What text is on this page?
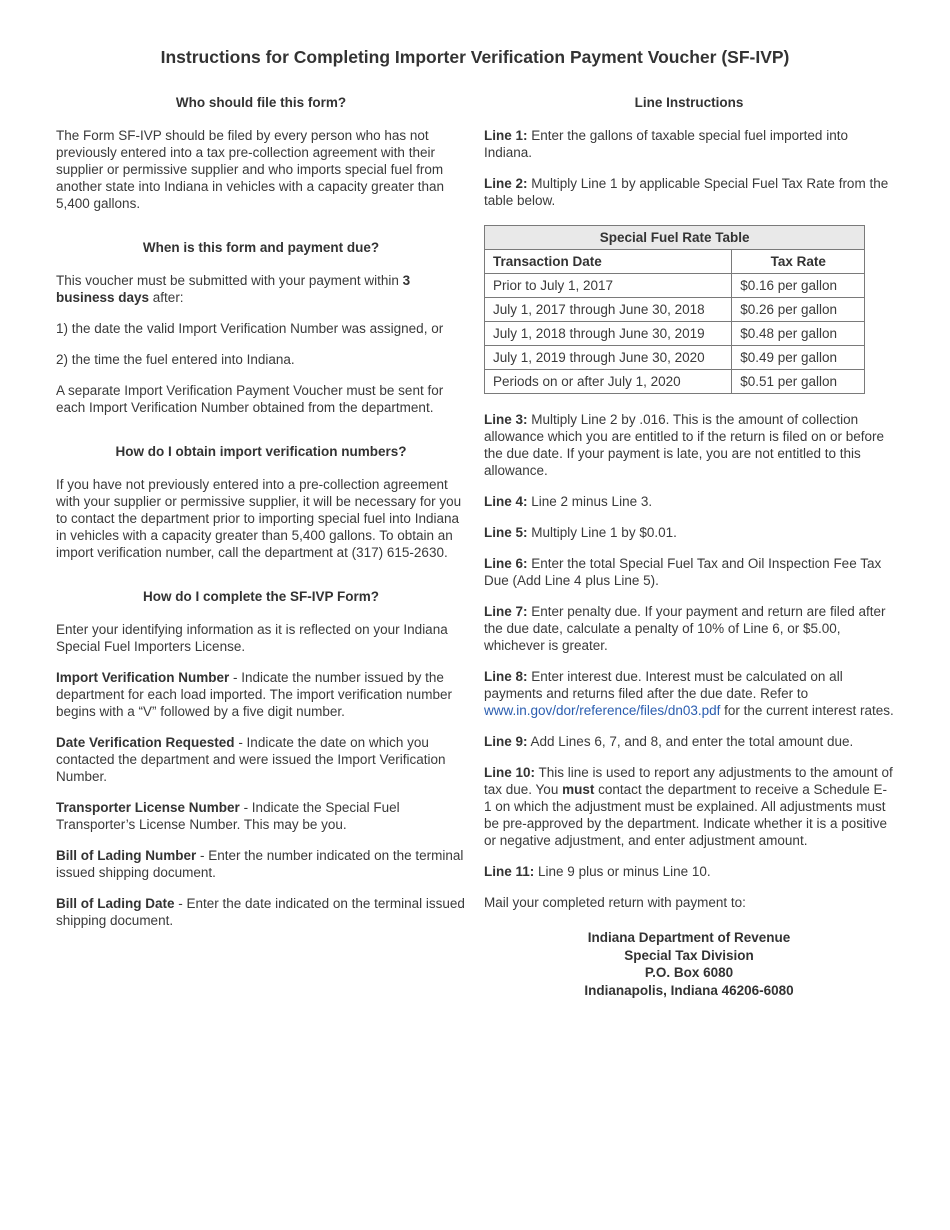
Instructions for Completing Importer Verification Payment Voucher (SF-IVP)
Who should file this form?

The Form SF-IVP should be filed by every person who has not previously entered into a tax pre-collection agreement with their supplier or permissive supplier and who imports special fuel from another state into Indiana in vehicles with a capacity greater than 5,400 gallons.

When is this form and payment due?

This voucher must be submitted with your payment within 3 business days after:

1) the date the valid Import Verification Number was assigned, or

2) the time the fuel entered into Indiana.

A separate Import Verification Payment Voucher must be sent for each Import Verification Number obtained from the department.

How do I obtain import verification numbers?

If you have not previously entered into a pre-collection agreement with your supplier or permissive supplier, it will be necessary for you to contact the department prior to importing special fuel into Indiana in vehicles with a capacity greater than 5,400 gallons. To obtain an import verification number, call the department at (317) 615-2630.

How do I complete the SF-IVP Form?

Enter your identifying information as it is reflected on your Indiana Special Fuel Importers License.

Import Verification Number - Indicate the number issued by the department for each load imported. The import verification number begins with a “V” followed by a five digit number.

Date Verification Requested - Indicate the date on which you contacted the department and were issued the Import Verification Number.

Transporter License Number - Indicate the Special Fuel Transporter’s License Number. This may be you.

Bill of Lading Number - Enter the number indicated on the terminal issued shipping document.

Bill of Lading Date - Enter the date indicated on the terminal issued shipping document.

Line Instructions

Line 1: Enter the gallons of taxable special fuel imported into Indiana.

Line 2: Multiply Line 1 by applicable Special Fuel Tax Rate from the table below.

Special Fuel Rate Table	
Transaction Date	Tax Rate
Prior to July 1, 2017	$0.16 per gallon
July 1, 2017 through June 30, 2018	$0.26 per gallon
July 1, 2018 through June 30, 2019	$0.48 per gallon
July 1, 2019 through June 30, 2020	$0.49 per gallon
Periods on or after July 1, 2020	$0.51 per gallon

Line 3: Multiply Line 2 by .016. This is the amount of collection allowance which you are entitled to if the return is filed on or before the due date. If your payment is late, you are not entitled to this allowance.

Line 4: Line 2 minus Line 3.

Line 5: Multiply Line 1 by $0.01.

Line 6: Enter the total Special Fuel Tax and Oil Inspection Fee Tax Due (Add Line 4 plus Line 5).

Line 7: Enter penalty due. If your payment and return are filed after the due date, calculate a penalty of 10% of Line 6, or $5.00, whichever is greater.

Line 8: Enter interest due. Interest must be calculated on all payments and returns filed after the due date. Refer to www.in.gov/dor/reference/files/dn03.pdf for the current interest rates.

Line 9: Add Lines 6, 7, and 8, and enter the total amount due.

Line 10: This line is used to report any adjustments to the amount of tax due. You must contact the department to receive a Schedule E-1 on which the adjustment must be explained. All adjustments must be pre-approved by the department. Indicate whether it is a positive or negative adjustment, and enter adjustment amount.

Line 11: Line 9 plus or minus Line 10.

Mail your completed return with payment to:

Indiana Department of Revenue
Special Tax Division
P.O. Box 6080
Indianapolis, Indiana 46206-6080
